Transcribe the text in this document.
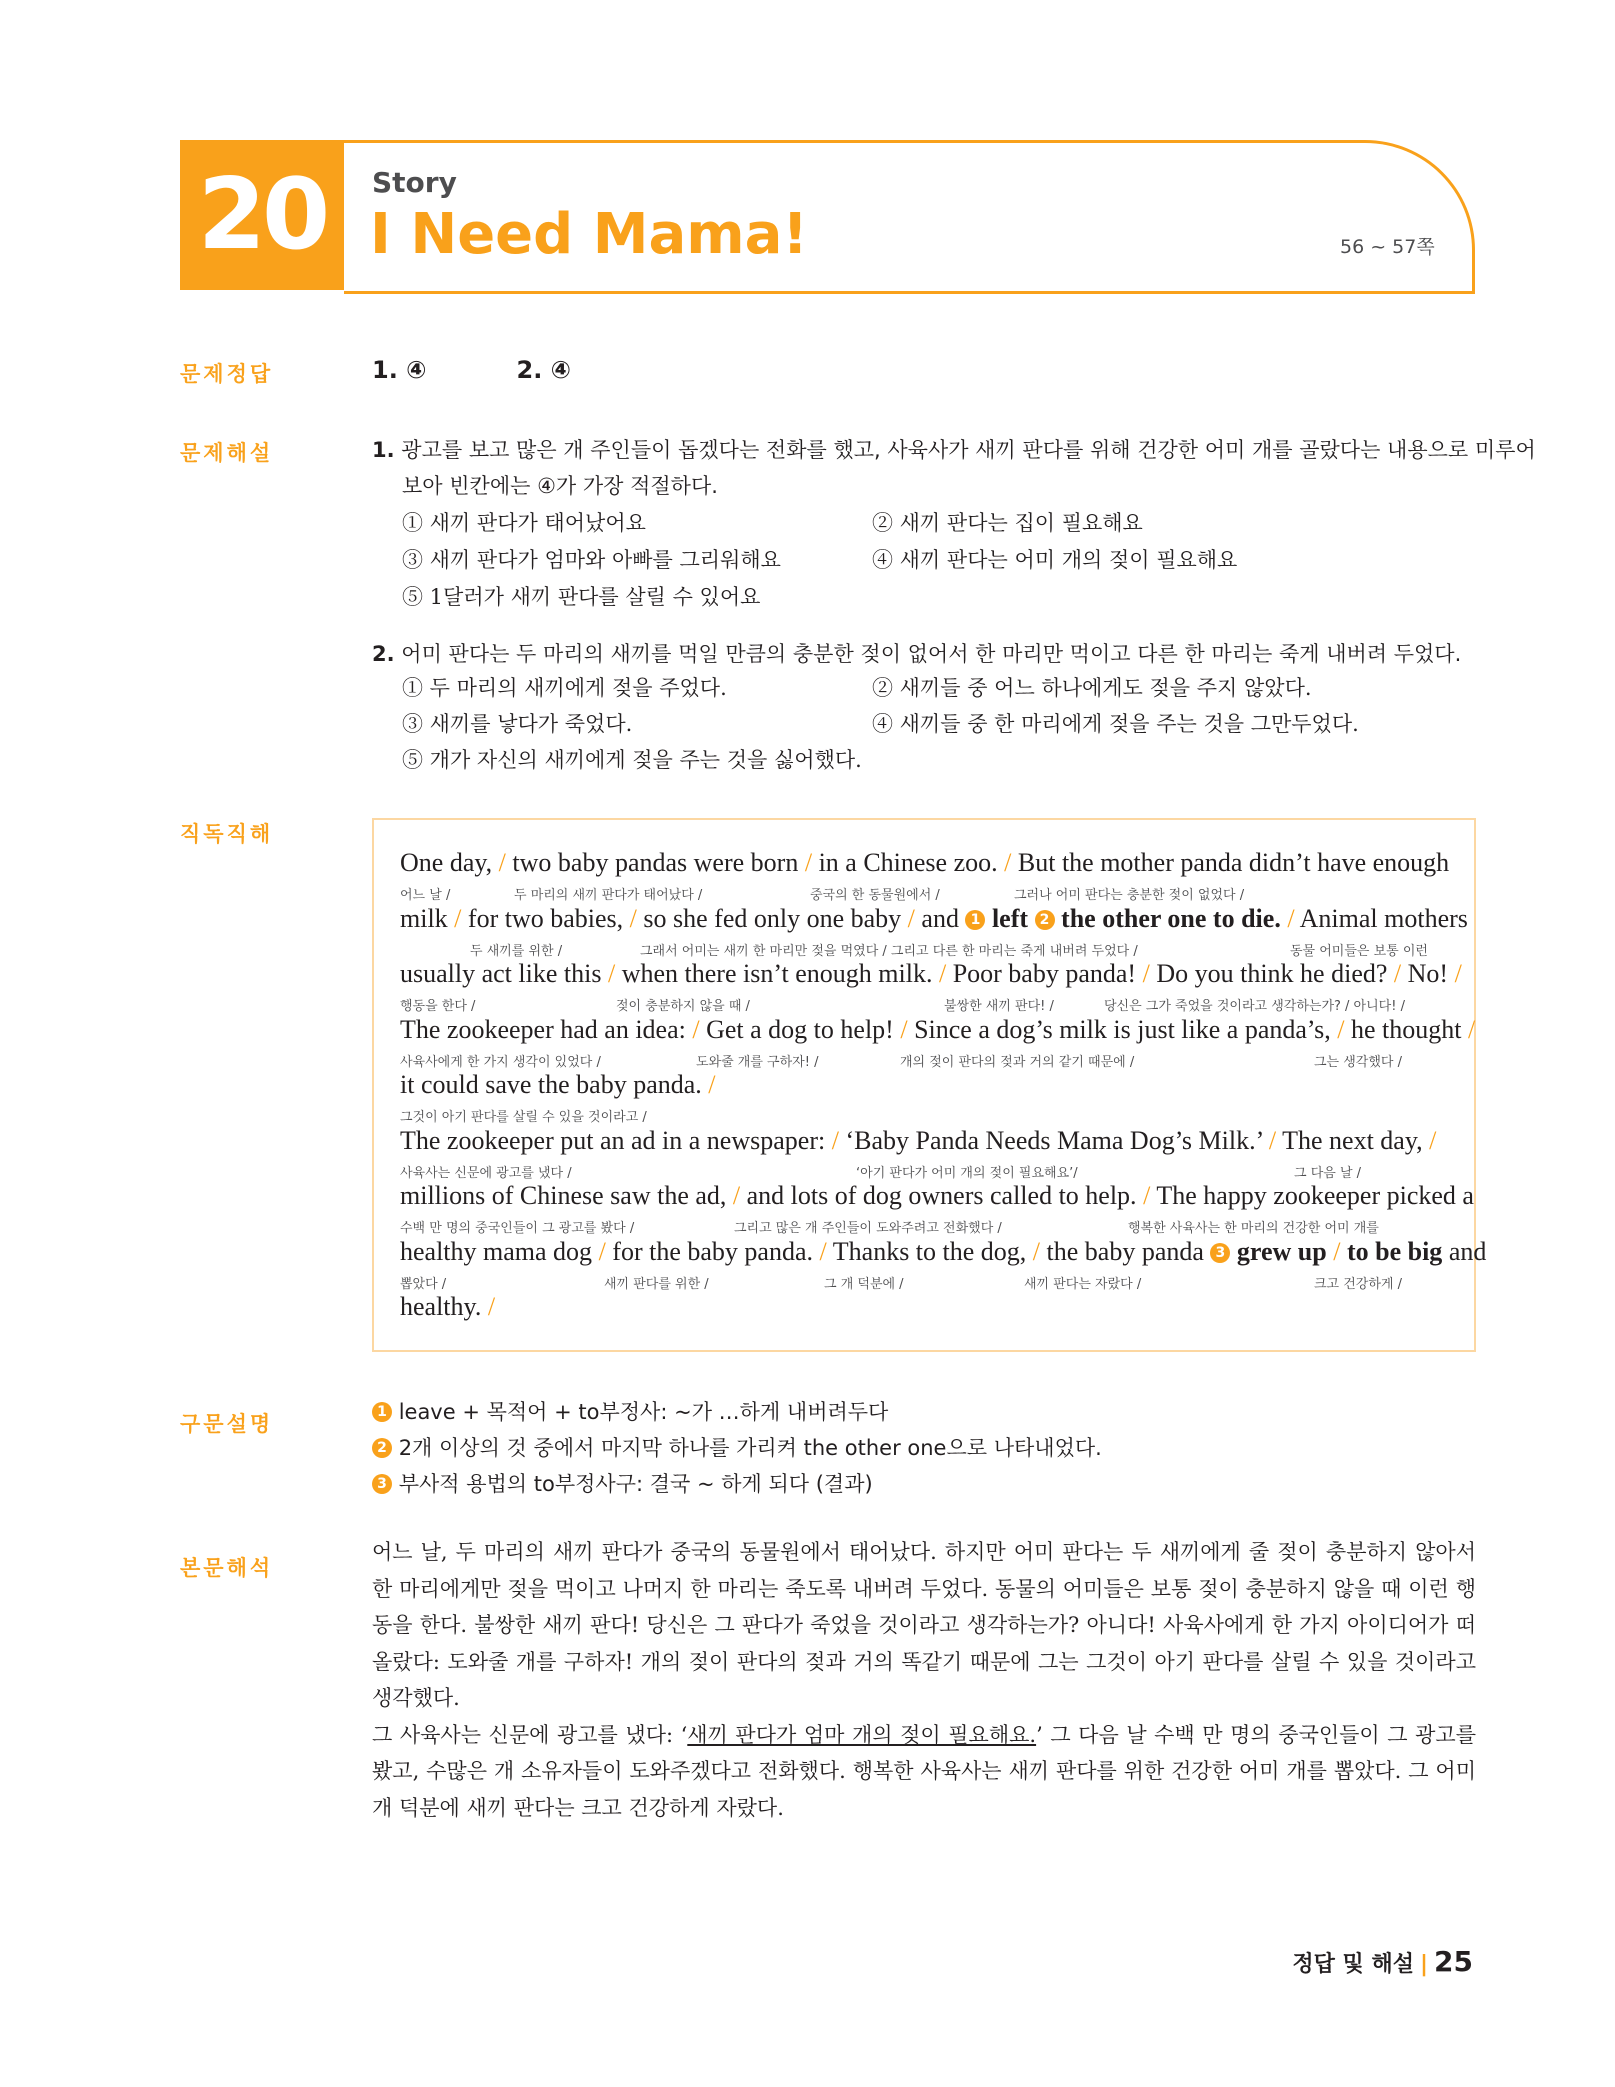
20	Story
I Need Mama!	56 ~ 57쪽
문제정답
문제해설
직독직해
구문설명
본문해석
1. ④	2. ④
1. 광고를 보고 많은 개 주인들이 돕겠다는 전화를 했고, 사육사가 새끼 판다를 위해 건강한 어미 개를 골랐다는 내용으로 미루어
보아 빈칸에는 ④가 가장 적절하다.
① 새끼 판다가 태어났어요	② 새끼 판다는 집이 필요해요
③ 새끼 판다가 엄마와 아빠를 그리워해요	④ 새끼 판다는 어미 개의 젖이 필요해요
⑤ 1달러가 새끼 판다를 살릴 수 있어요
2. 어미 판다는 두 마리의 새끼를 먹일 만큼의 충분한 젖이 없어서 한 마리만 먹이고 다른 한 마리는 죽게 내버려 두었다.
① 두 마리의 새끼에게 젖을 주었다.	② 새끼들 중 어느 하나에게도 젖을 주지 않았다.
③ 새끼를 낳다가 죽었다.	④ 새끼들 중 한 마리에게 젖을 주는 것을 그만두었다.
⑤ 개가 자신의 새끼에게 젖을 주는 것을 싫어했다.
One day, / two baby pandas were born / in a Chinese zoo. / But the mother panda didn’t have enough
어느 날 /	두 마리의 새끼 판다가 태어났다 /	중국의 한 동물원에서 /	그러나 어미 판다는 충분한 젖이 없었다 /
milk / for two babies, / so she fed only one baby / and 1 left 2 the other one to die. / Animal mothers
두 새끼를 위한 /	그래서 어미는 새끼 한 마리만 젖을 먹였다 / 그리고 다른 한 마리는 죽게 내버려 두었다 /	동물 어미들은 보통 이런
usually act like this / when there isn’t enough milk. / Poor baby panda! / Do you think he died? / No! /
행동을 한다 /	젖이 충분하지 않을 때 /	불쌍한 새끼 판다! /	당신은 그가 죽었을 것이라고 생각하는가? / 아니다! /
The zookeeper had an idea: / Get a dog to help! / Since a dog’s milk is just like a panda’s, / he thought /
사육사에게 한 가지 생각이 있었다 /	도와줄 개를 구하자! /	개의 젖이 판다의 젖과 거의 같기 때문에 /	그는 생각했다 /
it could save the baby panda. /
그것이 아기 판다를 살릴 수 있을 것이라고 /
The zookeeper put an ad in a newspaper: / ‘Baby Panda Needs Mama Dog’s Milk.’ / The next day, /
사육사는 신문에 광고를 냈다 /	‘아기 판다가 어미 개의 젖이 필요해요’/	그 다음 날 /
millions of Chinese saw the ad, / and lots of dog owners called to help. / The happy zookeeper picked a
수백 만 명의 중국인들이 그 광고를 봤다 /	그리고 많은 개 주인들이 도와주려고 전화했다 /	행복한 사육사는 한 마리의 건강한 어미 개를
healthy mama dog / for the baby panda. / Thanks to the dog, / the baby panda 3 grew up / to be big and
뽑았다 /	새끼 판다를 위한 /	그 개 덕분에 /	새끼 판다는 자랐다 /	크고 건강하게 /
healthy. /
1 leave + 목적어 + to부정사: ~가 …하게 내버려두다
2 2개 이상의 것 중에서 마지막 하나를 가리켜 the other one으로 나타내었다.
3 부사적 용법의 to부정사구: 결국 ~ 하게 되다 (결과)

어느 날, 두 마리의 새끼 판다가 중국의 동물원에서 태어났다. 하지만 어미 판다는 두 새끼에게 줄 젖이 충분하지 않아서 한 마리에게만 젖을 먹이고 나머지 한 마리는 죽도록 내버려 두었다. 동물의 어미들은 보통 젖이 충분하지 않을 때 이런 행동을 한다. 불쌍한 새끼 판다! 당신은 그 판다가 죽었을 것이라고 생각하는가? 아니다! 사육사에게 한 가지 아이디어가 떠올랐다: 도와줄 개를 구하자! 개의 젖이 판다의 젖과 거의 똑같기 때문에 그는 그것이 아기 판다를 살릴 수 있을 것이라고 생각했다.

그 사육사는 신문에 광고를 냈다: ‘새끼 판다가 엄마 개의 젖이 필요해요.’ 그 다음 날 수백 만 명의 중국인들이 그 광고를 봤고, 수많은 개 소유자들이 도와주겠다고 전화했다. 행복한 사육사는 새끼 판다를 위한 건강한 어미 개를 뽑았다. 그 어미 개 덕분에 새끼 판다는 크고 건강하게 자랐다.

정답 및 해설 | 25
